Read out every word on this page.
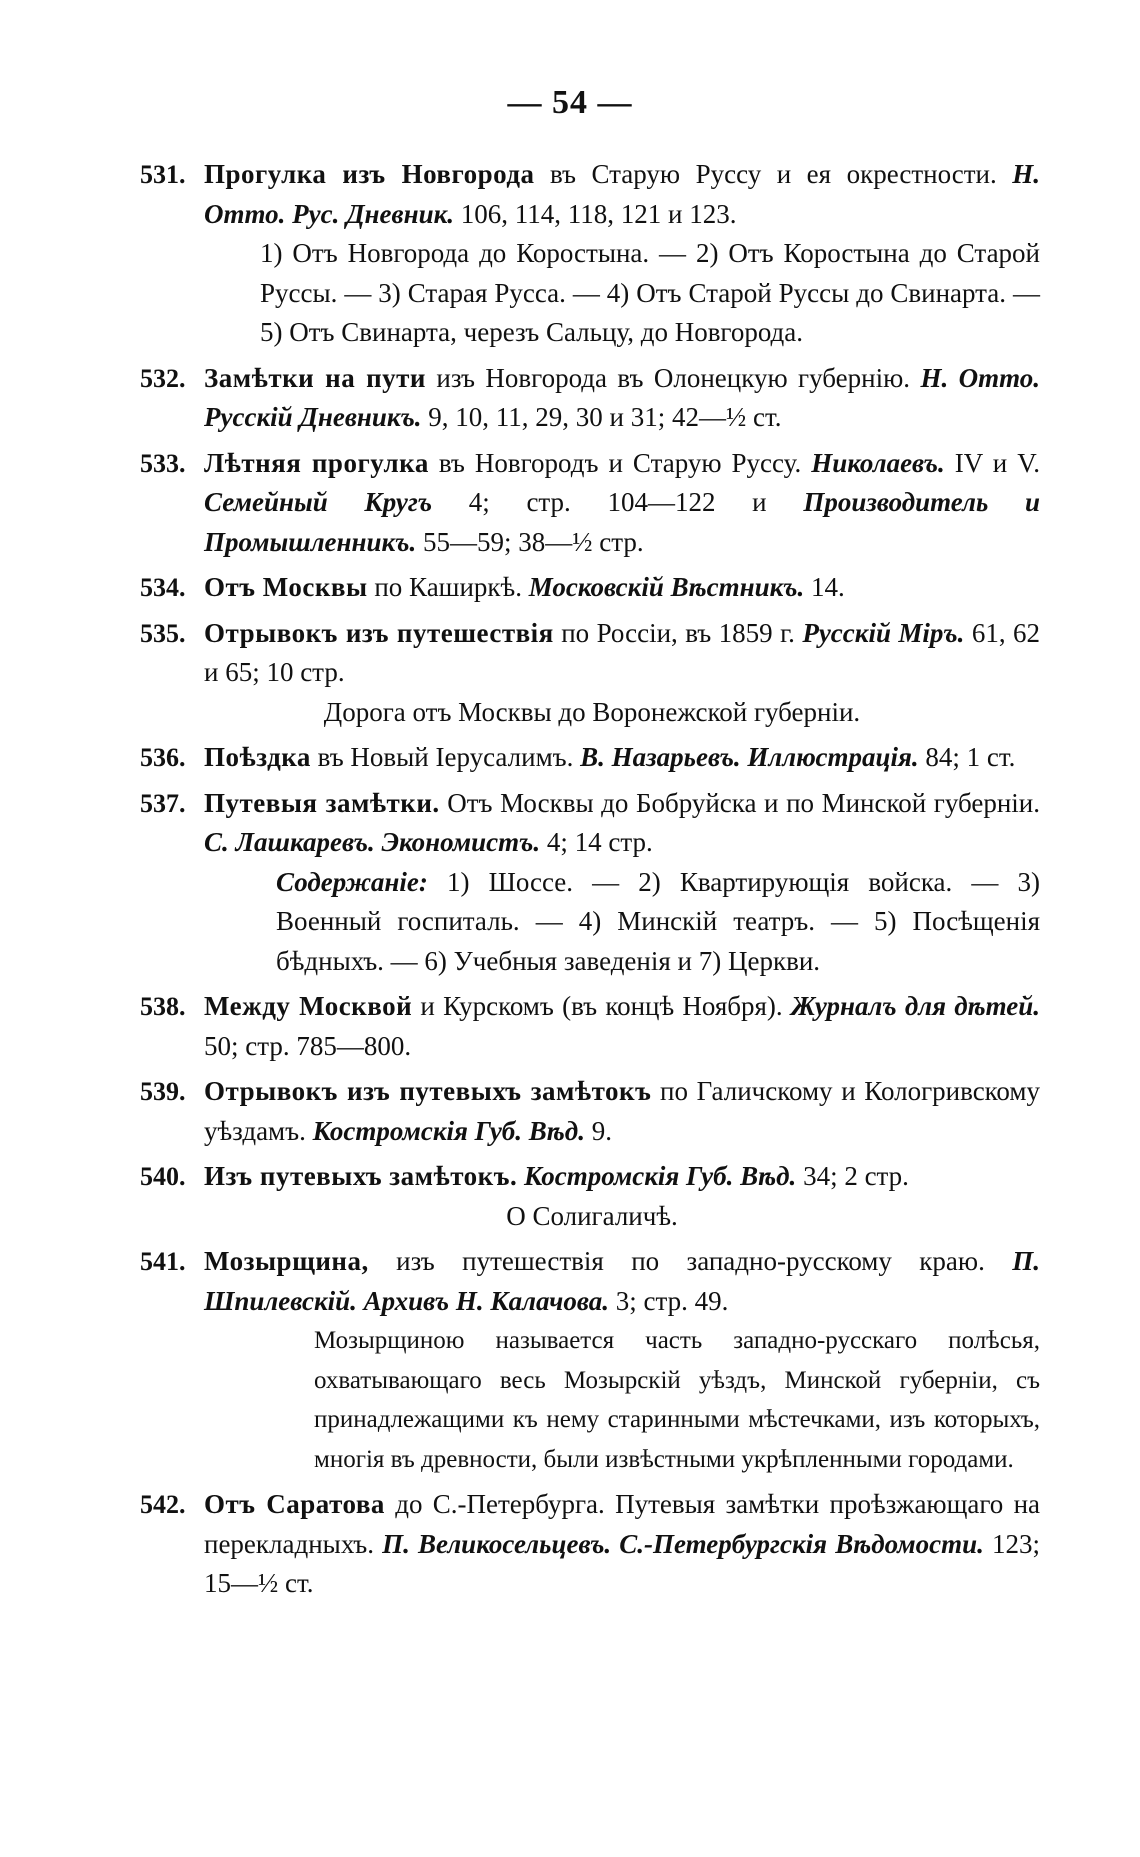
— 54 —
531. Прогулка изъ Новгорода въ Старую Руссу и ея окрестности. Н. Отто. Рус. Дневник. 106, 114, 118, 121 и 123.
1) Отъ Новгорода до Коростына. — 2) Отъ Коростына до Старой Руссы. — 3) Старая Русса. — 4) Отъ Старой Руссы до Свинарта. — 5) Отъ Свинарта, черезъ Сальцу, до Новгорода.
532. Замѣтки на пути изъ Новгорода въ Олонецкую губернію. Н. Отто. Русскій Дневникъ. 9, 10, 11, 29, 30 и 31; 42—½ ст.
533. Лѣтняя прогулка въ Новгородъ и Старую Руссу. Николаевъ. IV и V. Семейный Кругъ 4; стр. 104—122 и Производитель и Промышленникъ. 55—59; 38—½ стр.
534. Отъ Москвы по Каширкѣ. Московскій Вѣстникъ. 14.
535. Отрывокъ изъ путешествія по Россіи, въ 1859 г. Русскій Міръ. 61, 62 и 65; 10 стр.
Дорога отъ Москвы до Воронежской губерніи.
536. Поѣздка въ Новый Іерусалимъ. В. Назарьевъ. Иллюстрація. 84; 1 ст.
537. Путевыя замѣтки. Отъ Москвы до Бобруйска и по Минской губерніи. С. Лашкаревъ. Экономистъ. 4; 14 стр.
Содержаніе: 1) Шоссе. — 2) Квартирующія войска. — 3) Военный госпиталь. — 4) Минскій театръ. — 5) Посѣщенія бѣдныхъ. — 6) Учебныя заведенія и 7) Церкви.
538. Между Москвой и Курскомъ (въ концѣ Ноября). Журналъ для дѣтей. 50; стр. 785—800.
539. Отрывокъ изъ путевыхъ замѣтокъ по Галичскому и Кологривскому уѣздамъ. Костромскія Губ. Вѣд. 9.
540. Изъ путевыхъ замѣтокъ. Костромскія Губ. Вѣд. 34; 2 стр.
О Солигаличѣ.
541. Мозырщина, изъ путешествія по западно-русскому краю. П. Шпилевскій. Архивъ Н. Калачова. 3; стр. 49.
Мозырщиною называется часть западно-русскаго полѣсья, охватывающаго весь Мозырскій уѣздъ, Минской губерніи, съ принадлежащими къ нему старинными мѣстечками, изъ которыхъ, многія въ древности, были извѣстными укрѣпленными городами.
542. Отъ Саратова до С.-Петербурга. Путевыя замѣтки проѣзжающаго на перекладныхъ. П. Великосельцевъ. С.-Петербургскія Вѣдомости. 123; 15—½ ст.
